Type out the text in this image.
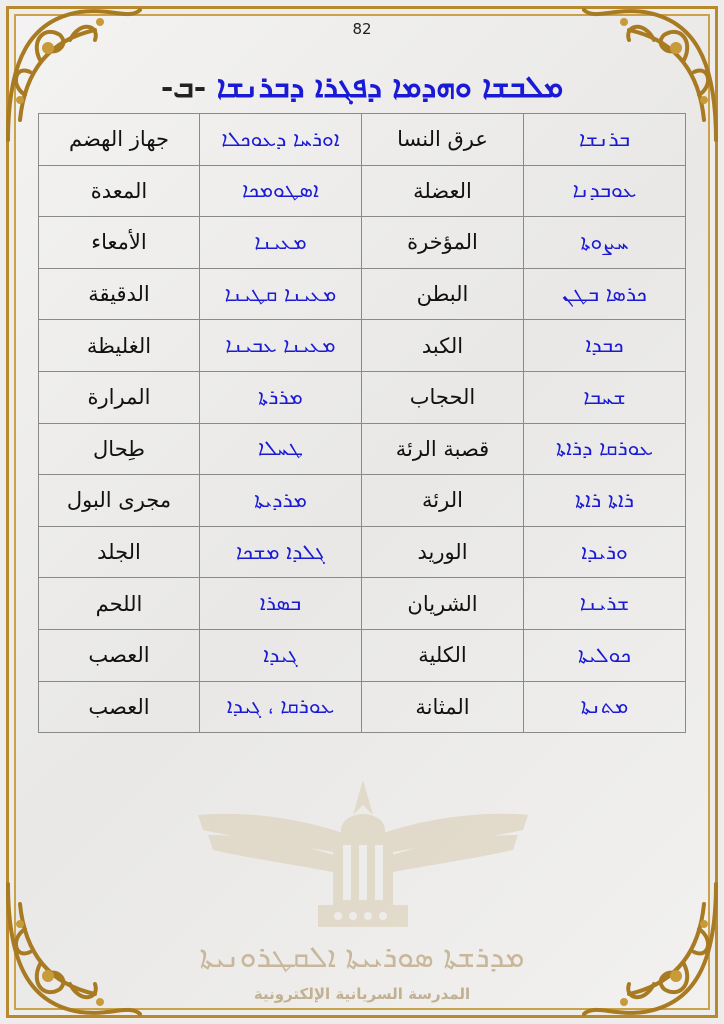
82
ܡܠܒܫܐ ܘܗܕܡܐ ܕܦܓܪܐ ܕܒܪܢܫܐ -ܒ-
ܒܪܢܫܐ	عرق النسا	ܐܘܪܚܐ ܕܥܘܟܠܐ	جهاز الهضم
ܥܘܒܕܢܐ	العضلة	ܐܣܛܘܡܟܐ	المعدة
ܚܨܘܬܐ	المؤخرة	ܡܥܝܢܐ	الأمعاء
ܟܪܣܐ ܒܛܢ	البطن	ܡܥܝܢܐ ܩܛܝܢܐ	الدقيقة
ܟܒܕܐ	الكبد	ܡܥܝܢܐ ܥܒܝܢܐ	الغليظة
ܫܚܒܐ	الحجاب	ܡܪܪܬܐ	المرارة
ܥܘܪܩܐ ܕܪܐܬܐ	قصبة الرئة	ܛܚܠܐ	طِحال
ܪܐܬܐ ܪܐܬܐ	الرئة	ܡܪܕܝܬܐ	مجرى البول
ܘܪܝܕܐ	الوريد	ܓܠܕܐ ܡܫܟܐ	الجلد
ܫܪܝܢܐ	الشريان	ܒܣܪܐ	اللحم
ܟܘܠܝܬܐ	الكلية	ܓܝܕܐ	العصب
ܡܬܢܬܐ	المثانة	ܥܘܪܩܐ ، ܓܝܕܐ	العصب
ܡܕܪܫܬܐ ܣܘܪܝܝܬܐ ܐܠܩܛܪܘܢܝܬܐ
المدرسة السريانية الإلكترونية
